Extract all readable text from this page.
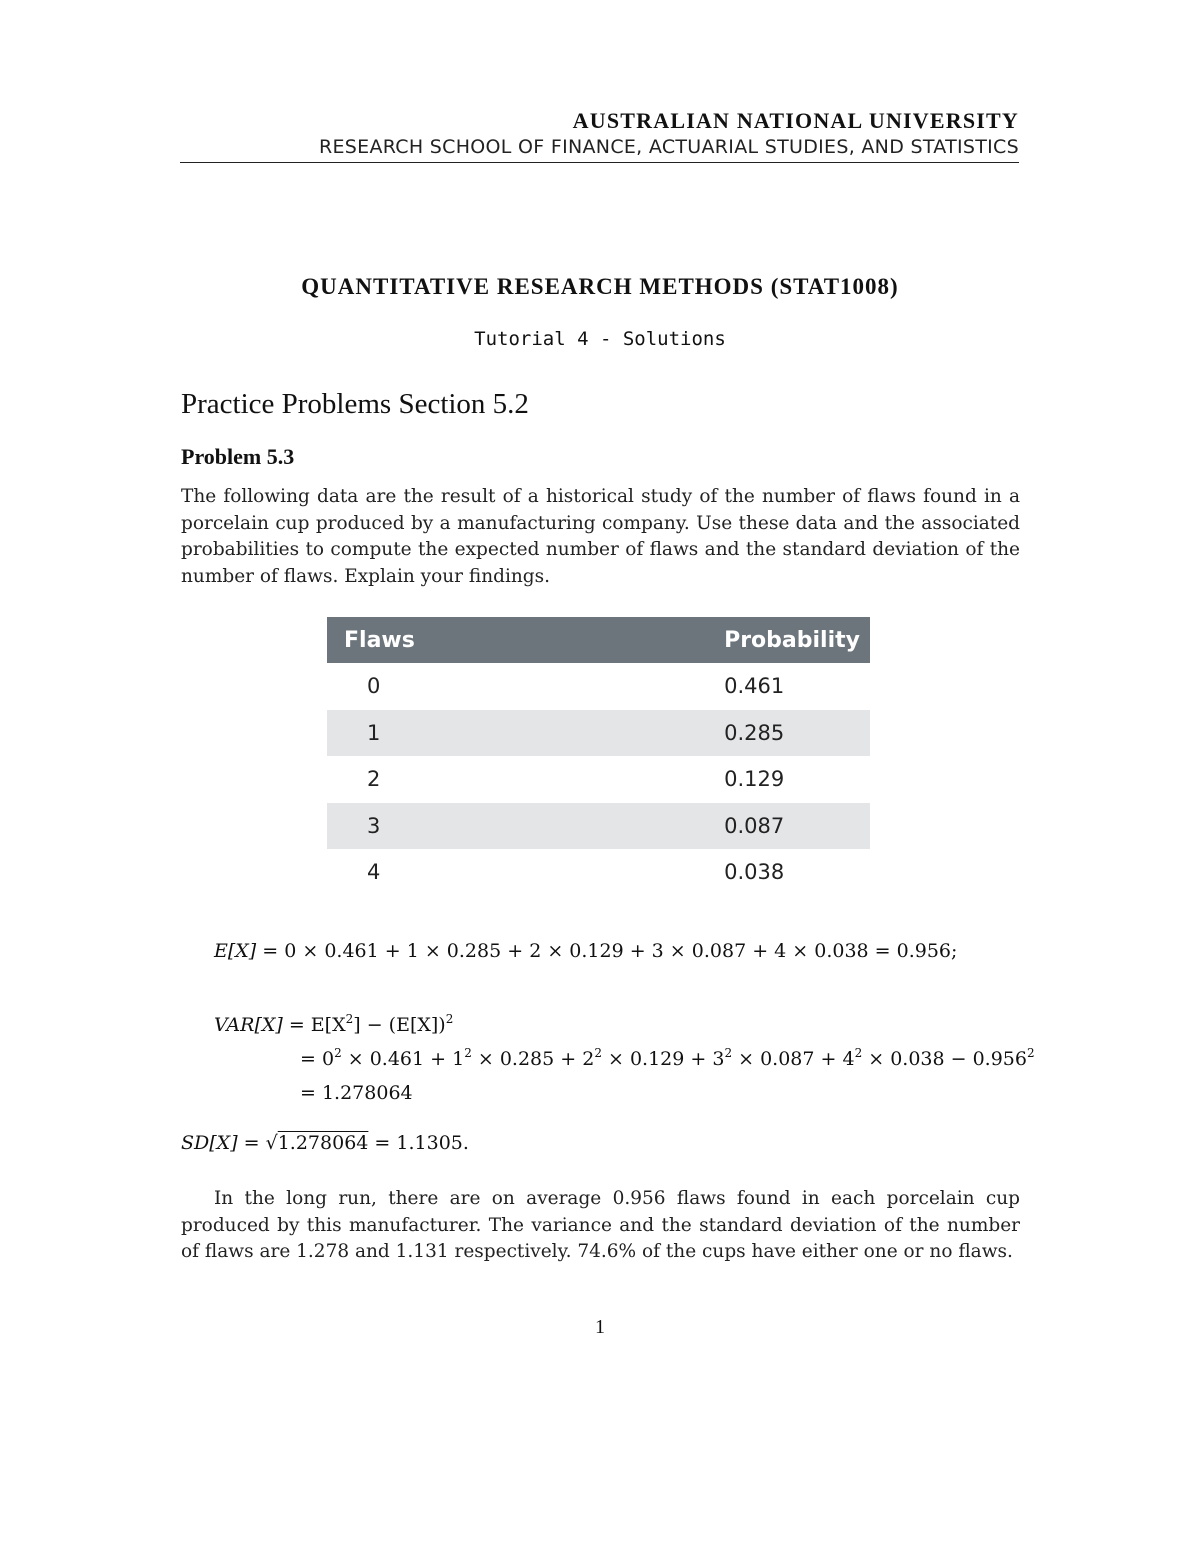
AUSTRALIAN NATIONAL UNIVERSITY
RESEARCH SCHOOL OF FINANCE, ACTUARIAL STUDIES, AND STATISTICS
QUANTITATIVE RESEARCH METHODS (STAT1008)
Tutorial 4 - Solutions
Practice Problems Section 5.2
Problem 5.3
The following data are the result of a historical study of the number of flaws found in a porcelain cup produced by a manufacturing company. Use these data and the associated probabilities to compute the expected number of flaws and the standard deviation of the number of flaws. Explain your findings.
Flaws	Probability
0	0.461
1	0.285
2	0.129
3	0.087
4	0.038
E[X] = 0 × 0.461 + 1 × 0.285 + 2 × 0.129 + 3 × 0.087 + 4 × 0.038 = 0.956;
$VAR[X] = E[X^2] - (E[X])^2$
= $0^2 \times 0.461 + 1^2 \times 0.285 + 2^2 \times 0.129 + 3^2 \times 0.087 + 4^2 \times 0.038 - 0.956^2$
= 1.278064
SD[X] = √1.278064 = 1.1305.
In the long run, there are on average 0.956 flaws found in each porcelain cup produced by this manufacturer. The variance and the standard deviation of the number of flaws are 1.278 and 1.131 respectively. 74.6% of the cups have either one or no flaws.
1
